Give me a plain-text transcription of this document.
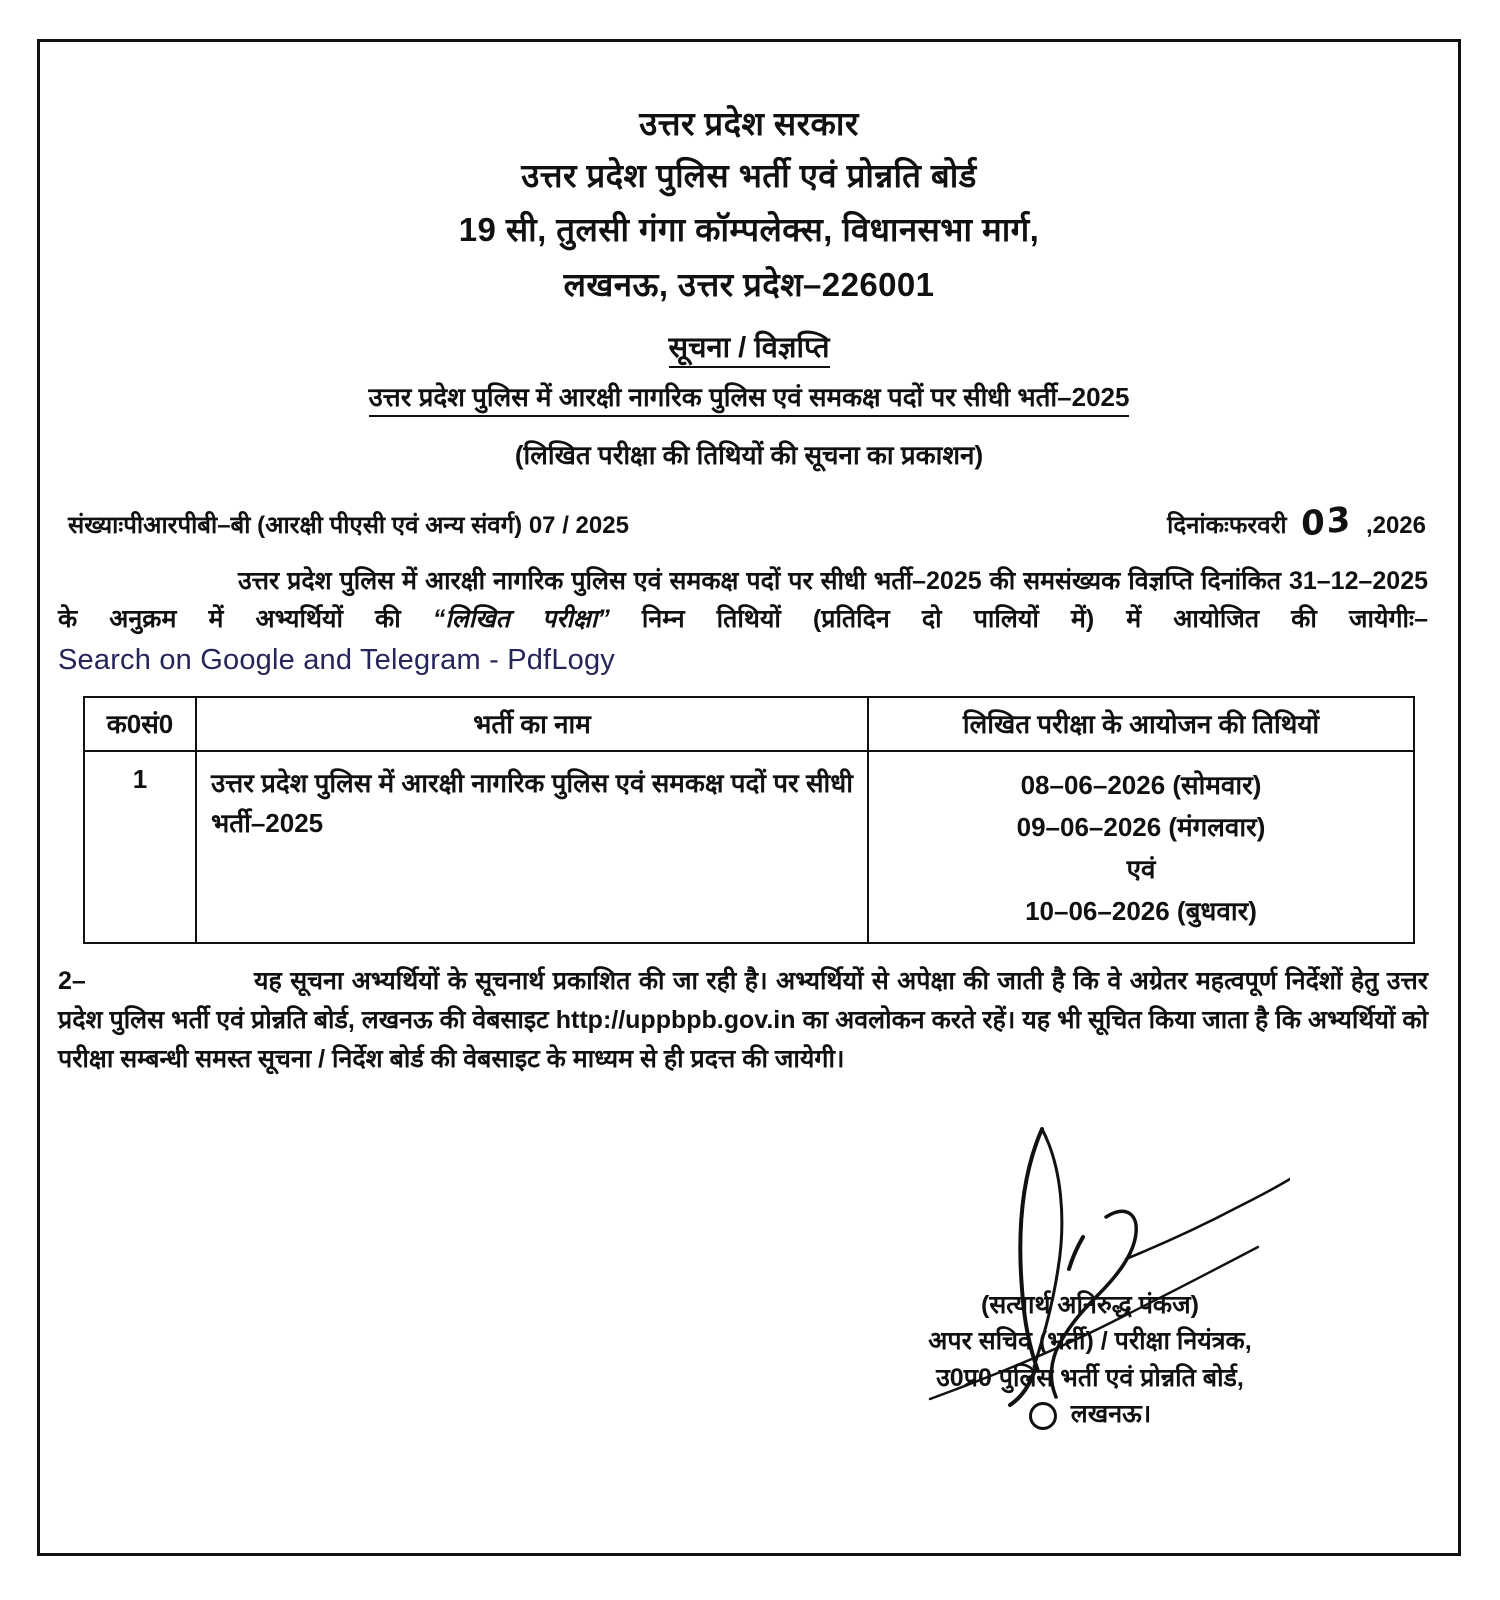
उत्तर प्रदेश सरकार
उत्तर प्रदेश पुलिस भर्ती एवं प्रोन्नति बोर्ड
19 सी, तुलसी गंगा कॉम्पलेक्स, विधानसभा मार्ग,
लखनऊ, उत्तर प्रदेश–226001
सूचना / विज्ञप्ति
उत्तर प्रदेश पुलिस में आरक्षी नागरिक पुलिस एवं समकक्ष पदों पर सीधी भर्ती–2025
(लिखित परीक्षा की तिथियों की सूचना का प्रकाशन)
संख्याःपीआरपीबी–बी (आरक्षी पीएसी एवं अन्य संवर्ग) 07 / 2025	दिनांकःफरवरी 03 ,2026
उत्तर प्रदेश पुलिस में आरक्षी नागरिक पुलिस एवं समकक्ष पदों पर सीधी भर्ती–2025 की समसंख्यक विज्ञप्ति दिनांकित 31–12–2025 के अनुक्रम में अभ्यर्थियों की “लिखित परीक्षा” निम्न तिथियों (प्रतिदिन दो पालियों में) में आयोजित की जायेगीः– Search on Google and Telegram - PdfLogy
क0सं0	भर्ती का नाम	लिखित परीक्षा के आयोजन की तिथियों
1	उत्तर प्रदेश पुलिस में आरक्षी नागरिक पुलिस एवं समकक्ष पदों पर सीधी भर्ती–2025	08–06–2026 (सोमवार)
09–06–2026 (मंगलवार)
एवं
10–06–2026 (बुधवार)
2–	यह सूचना अभ्यर्थियों के सूचनार्थ प्रकाशित की जा रही है। अभ्यर्थियों से अपेक्षा की जाती है कि वे अग्रेतर महत्वपूर्ण निर्देशों हेतु उत्तर प्रदेश पुलिस भर्ती एवं प्रोन्नति बोर्ड, लखनऊ की वेबसाइट http://uppbpb.gov.in का अवलोकन करते रहें। यह भी सूचित किया जाता है कि अभ्यर्थियों को परीक्षा सम्बन्धी समस्त सूचना / निर्देश बोर्ड की वेबसाइट के माध्यम से ही प्रदत्त की जायेगी।
(सत्यार्थ अनिरुद्ध पंकज)
अपर सचिव (भर्ती) / परीक्षा नियंत्रक,
उ0प्र0 पुलिस भर्ती एवं प्रोन्नति बोर्ड,
लखनऊ।
